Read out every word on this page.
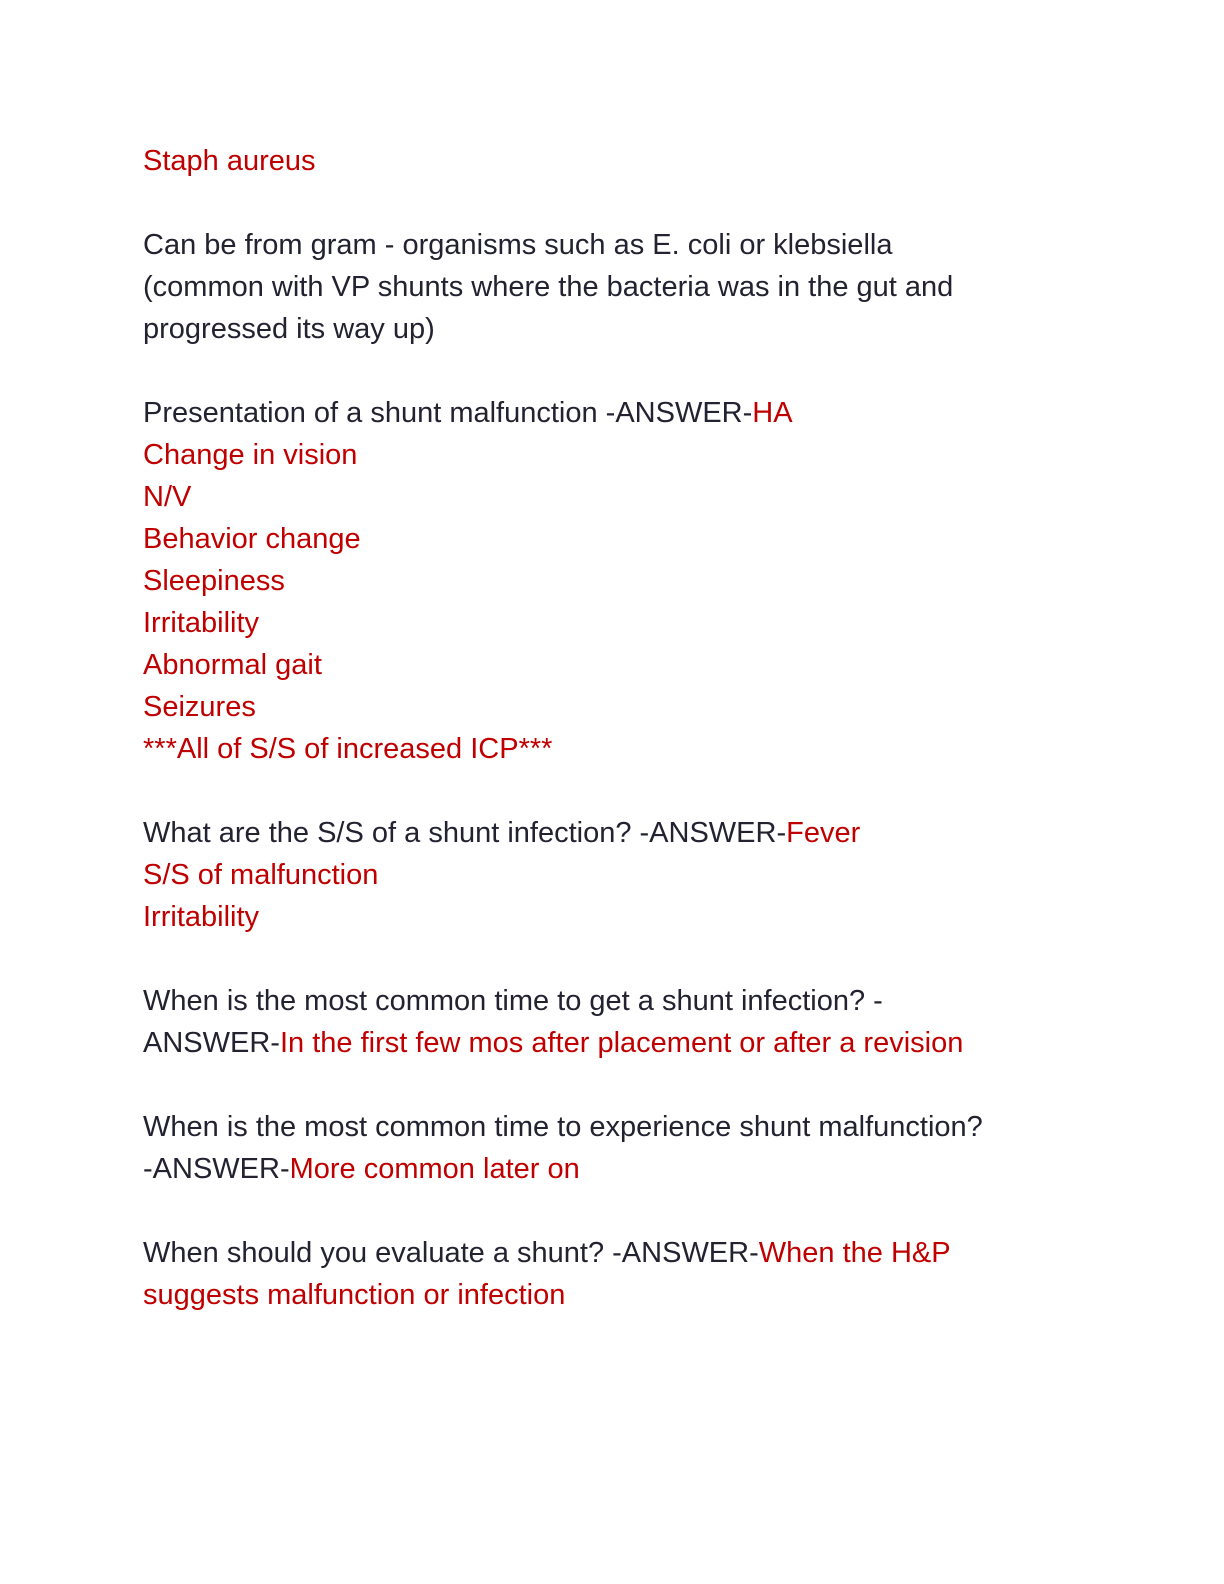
Staph aureus
Can be from gram - organisms such as E. coli or klebsiella
(common with VP shunts where the bacteria was in the gut and
progressed its way up)
Presentation of a shunt malfunction -ANSWER-HA
Change in vision
N/V
Behavior change
Sleepiness
Irritability
Abnormal gait
Seizures
***All of S/S of increased ICP***
What are the S/S of a shunt infection? -ANSWER-Fever
S/S of malfunction
Irritability
When is the most common time to get a shunt infection? -
ANSWER-In the first few mos after placement or after a revision
When is the most common time to experience shunt malfunction?
-ANSWER-More common later on
When should you evaluate a shunt? -ANSWER-When the H&P
suggests malfunction or infection
